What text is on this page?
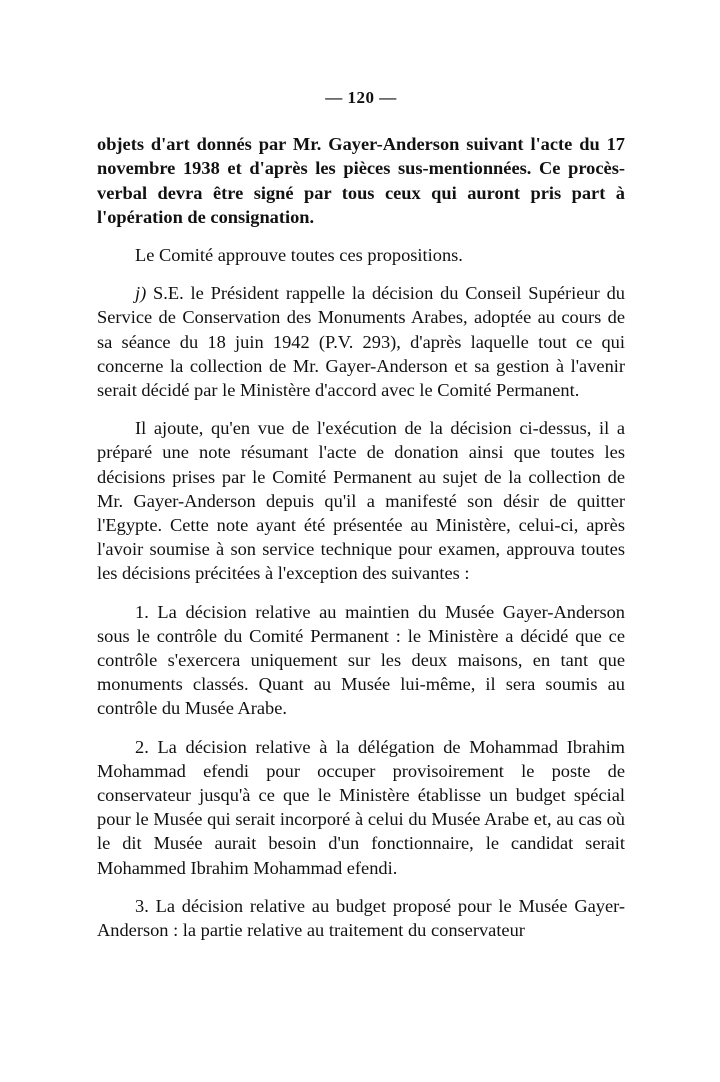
— 120 —

objets d'art donnés par Mr. Gayer-Anderson suivant l'acte du 17 novembre 1938 et d'après les pièces sus-mentionnées. Ce procès-verbal devra être signé par tous ceux qui auront pris part à l'opération de consignation.

Le Comité approuve toutes ces propositions.

j) S.E. le Président rappelle la décision du Conseil Supérieur du Service de Conservation des Monuments Arabes, adoptée au cours de sa séance du 18 juin 1942 (P.V. 293), d'après laquelle tout ce qui concerne la collection de Mr. Gayer-Anderson et sa gestion à l'avenir serait décidé par le Ministère d'accord avec le Comité Permanent.

Il ajoute, qu'en vue de l'exécution de la décision ci-dessus, il a préparé une note résumant l'acte de donation ainsi que toutes les décisions prises par le Comité Permanent au sujet de la collection de Mr. Gayer-Anderson depuis qu'il a manifesté son désir de quitter l'Egypte. Cette note ayant été présentée au Ministère, celui-ci, après l'avoir soumise à son service technique pour examen, approuva toutes les décisions précitées à l'exception des suivantes :

1. La décision relative au maintien du Musée Gayer-Anderson sous le contrôle du Comité Permanent : le Ministère a décidé que ce contrôle s'exercera uniquement sur les deux maisons, en tant que monuments classés. Quant au Musée lui-même, il sera soumis au contrôle du Musée Arabe.

2. La décision relative à la délégation de Mohammad Ibrahim Mohammad efendi pour occuper provisoirement le poste de conservateur jusqu'à ce que le Ministère établisse un budget spécial pour le Musée qui serait incorporé à celui du Musée Arabe et, au cas où le dit Musée aurait besoin d'un fonctionnaire, le candidat serait Mohammed Ibrahim Mohammad efendi.

3. La décision relative au budget proposé pour le Musée Gayer-Anderson : la partie relative au traitement du conservateur
